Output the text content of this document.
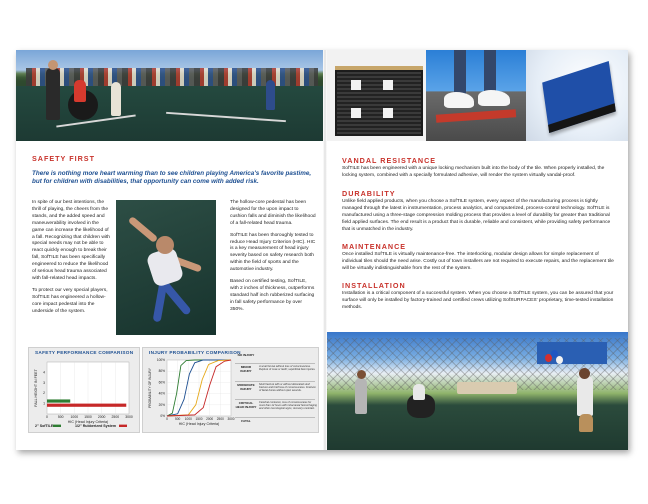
SAFETY FIRST
There is nothing more heart warming than to see children playing America's favorite pastime, but for children with disabilities, that opportunity can come with added risk.

In spite of our best intentions, the thrill of playing, the cheers from the stands, and the added speed and maneuverability involved in the game can increase the likelihood of a fall. Recognizing that children with special needs may not be able to react quickly enough to break their fall, SofTILE has been specifically engineered to reduce the likelihood of serious head trauma associated with fall-related head impacts.

To protect our very special players, SofTILE has engineered a hollow-core impact pedestal into the underside of the system.

The hollow-core pedestal has been designed for the upon impact to cushion falls and diminish the likelihood of a fall-related head trauma.

SofTILE has been thoroughly tested to reduce Head Injury Criterion (HIC). HIC is a key measurement of head injury severity based on safety research both within the field of sports and the automotive industry.

Based on certified testing, SofTILE, with 2 inches of thickness, outperforms standard half inch rubberized surfacing in fall safety performance by over 350%.

SAFETY PERFORMANCE COMPARISON
0	500 1000 1500 2000 2500 3000
1
2
3
4
HIC (Head Injury Criteria)
FALL HEIGHT IN FEET
2" SofTILE	1/2" Rubberized System
INJURY PROBABILITY COMPARISON
0 500 1000 1500 2000 2500 3000
0%
20%
40%
60%
80%
100%
HIC (Head Injury Criteria)
PROBABILITY OF INJURY
NO INJURY
MINOR INJURY
A small bruise without loss of consciousness. Rupture of nose or teeth; superficial face injuries.
MODERATE INJURY
Skull fracture with or without dislocated skull fracture and brief loss of consciousness. Fracture of facial bones without open wounds.
CRITICAL HEAD INJURY
Cerebral contusion, loss of consciousness for more than 12 hours with intracranial hemorrhaging and other neurological signs; recovery uncertain.
FATAL
VANDAL RESISTANCE
SofTILE has been engineered with a unique locking mechanism built into the body of the tile. When properly installed, the locking system, combined with a specially formulated adhesive, will render the system virtually vandal-proof.
DURABILITY
Unlike field applied products, when you choose a SofTILE system, every aspect of the manufacturing process is tightly managed through the latest in instrumentation, process analytics, and computerized, process-control technology. SofTILE is manufactured using a three-stage compression molding process that provides a level of durability far greater than traditional field applied surfaces. The end result is a product that is durable, reliable and consistent, while providing safety performance that is unmatched in the industry.
MAINTENANCE
Once installed SofTILE is virtually maintenance-free. The interlocking, modular design allows for simple replacement of individual tiles should the need arise. Costly out of town installers are not required to execute repairs, and the replacement tile will be virtually indistinguishable from the rest of the system.
INSTALLATION
Installation is a critical component of a successful system. When you choose a SofTILE system, you can be assured that your surface will only be installed by factory-trained and certified crews utilizing SofSURFACES' proprietary, time-tested installation methods.
